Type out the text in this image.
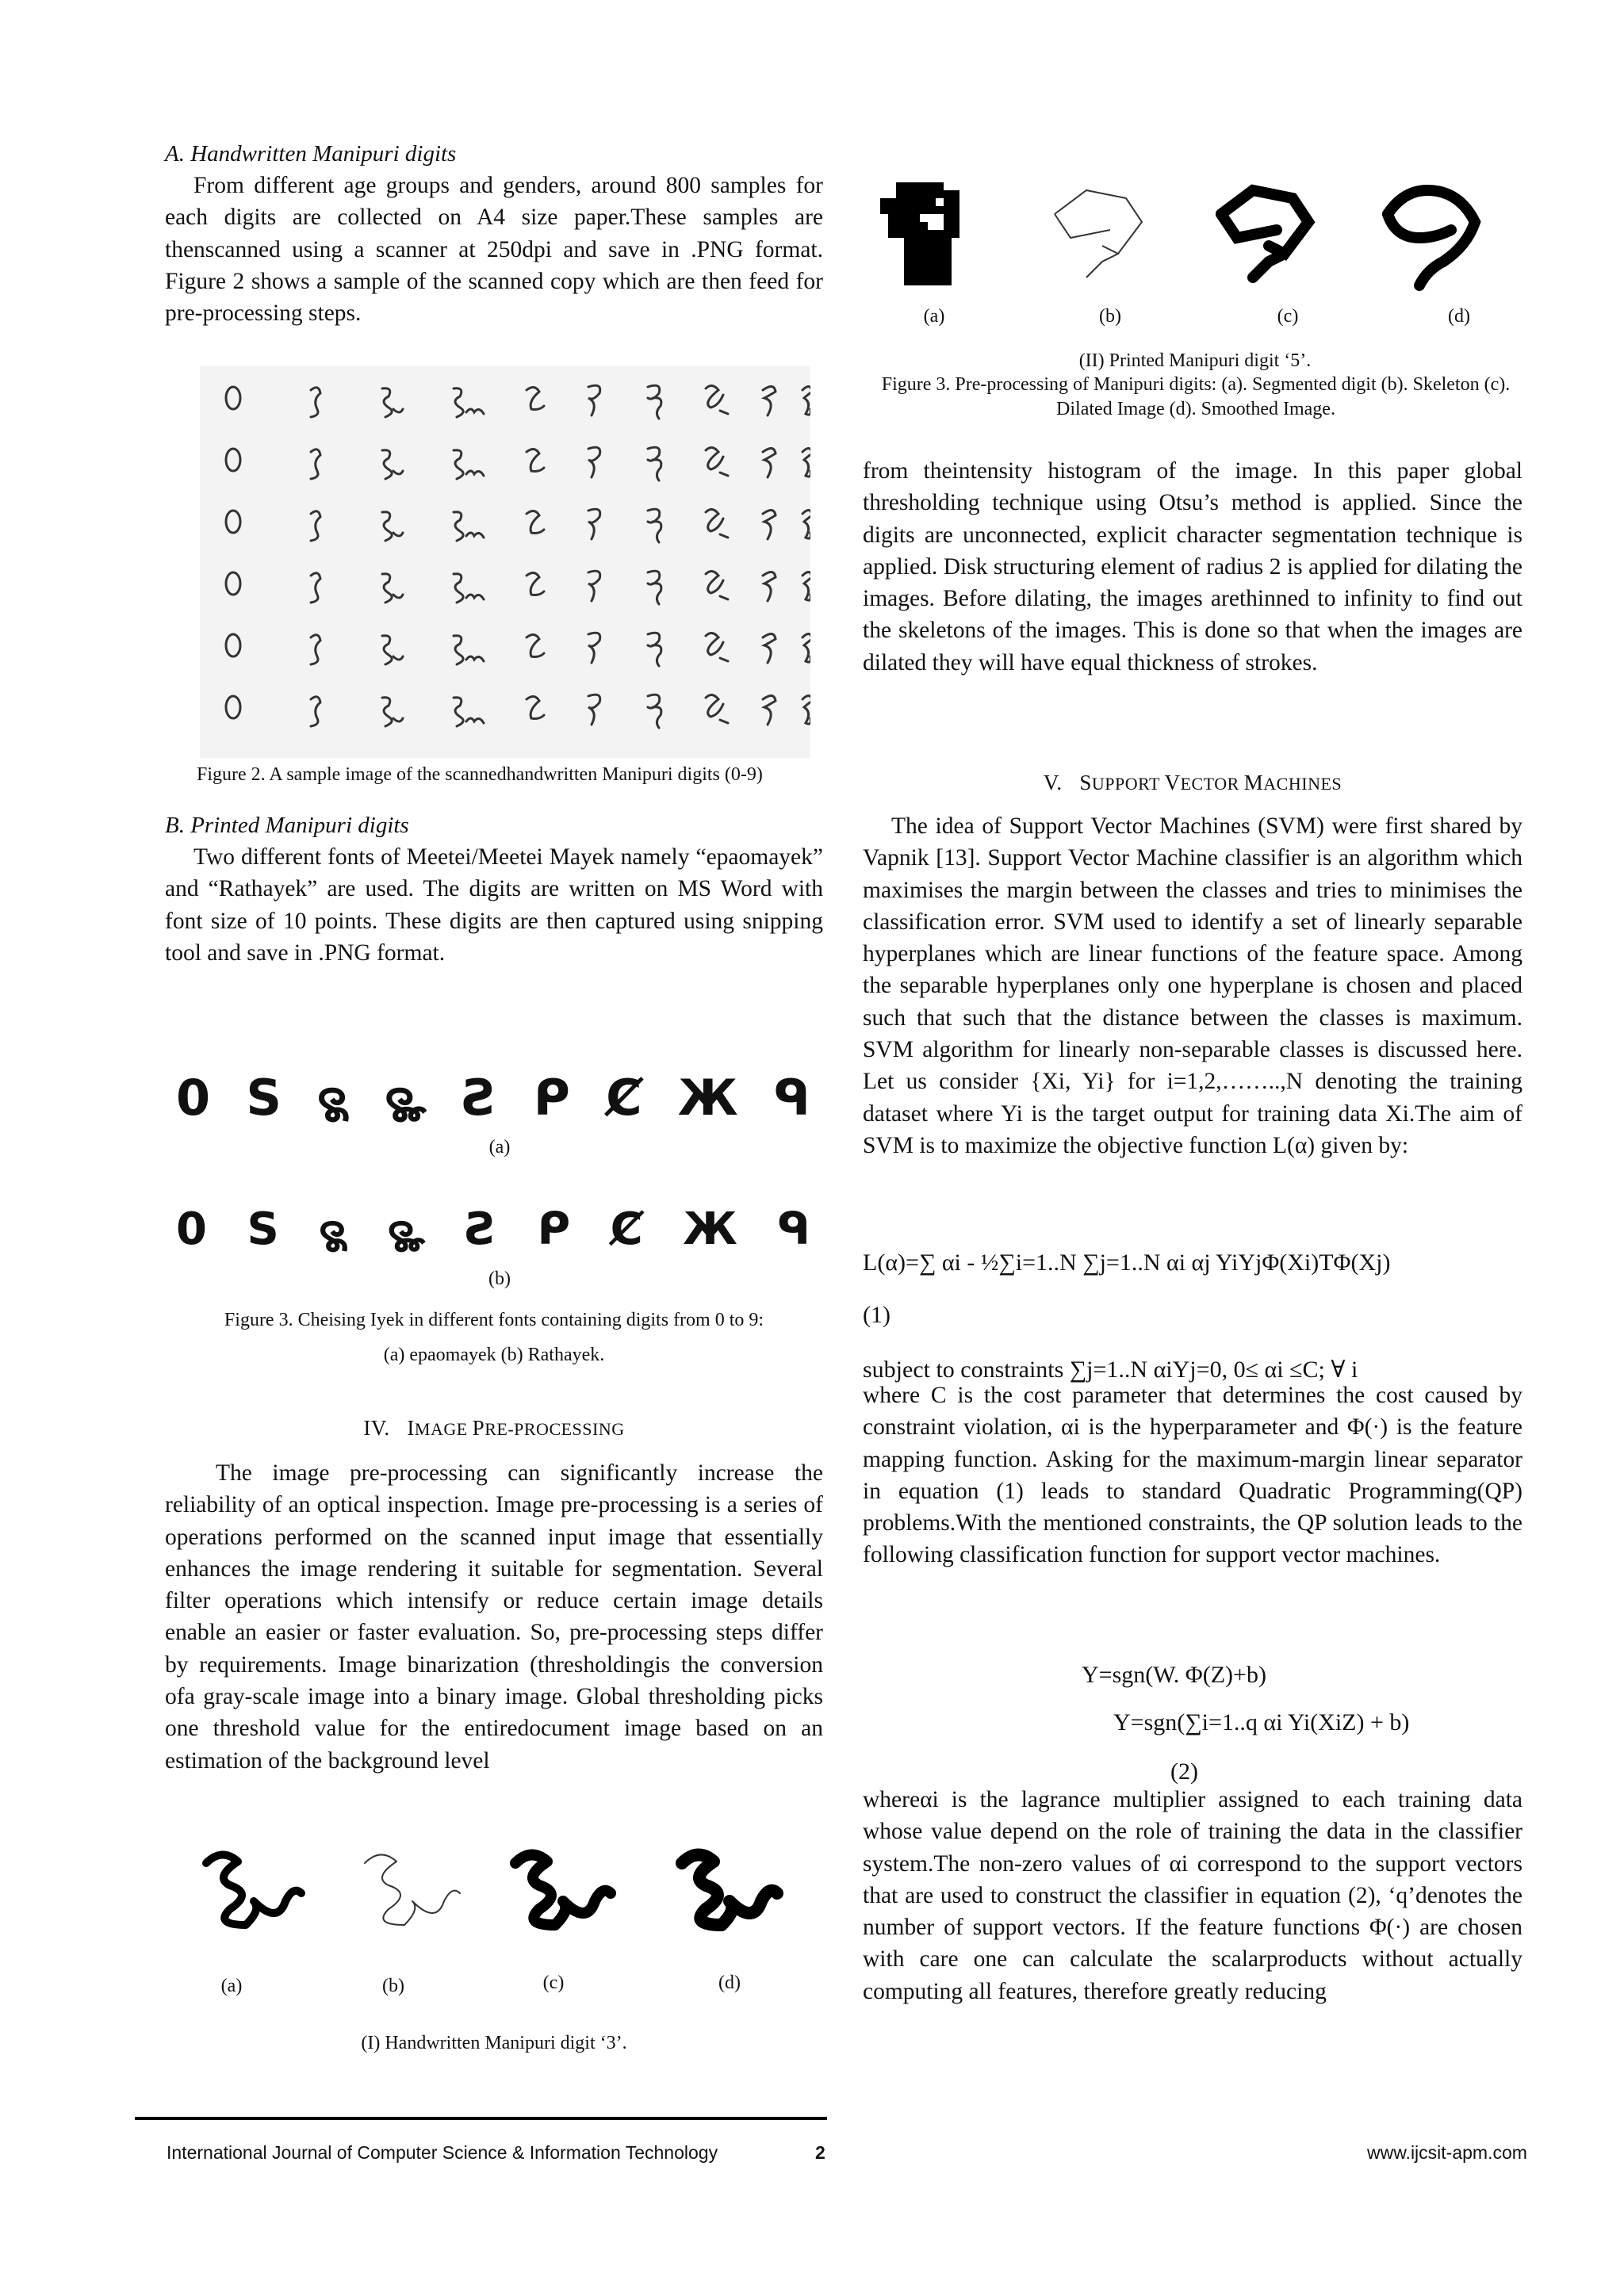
A. Handwritten Manipuri digits

From different age groups and genders, around 800 samples for each digits are collected on A4 size paper.These samples are thenscanned using a scanner at 250dpi and save in .PNG format. Figure 2 shows a sample of the scanned copy which are then feed for pre-processing steps.

Figure 2. A sample image of the scannedhandwritten Manipuri digits (0-9)

B. Printed Manipuri digits

Two different fonts of Meetei/Meetei Mayek namely “epaomayek” and “Rathayek” are used. The digits are written on MS Word with font size of 10 points. These digits are then captured using snipping tool and save in .PNG format.

0 S ꯲ ꯳ Ƨ ᑭ Ȼ Ж ᑫ

(a)

0 S ꯲ ꯳ Ƨ ᑭ Ȼ Ж ᑫ

(b)

Figure 3. Cheising Iyek in different fonts containing digits from 0 to 9:

(a) epaomayek (b) Rathayek.

IV. IMAGE PRE-PROCESSING

The image pre-processing can significantly increase the reliability of an optical inspection. Image pre-processing is a series of operations performed on the scanned input image that essentially enhances the image rendering it suitable for segmentation. Several filter operations which intensify or reduce certain image details enable an easier or faster evaluation. So, pre-processing steps differ by requirements. Image binarization (thresholdingis the conversion ofa gray-scale image into a binary image. Global thresholding picks one threshold value for the entiredocument image based on an estimation of the background level

(a)	(b)	(c)	(d)

(I) Handwritten Manipuri digit ‘3’.

(a)	(b)	(c)	(d)

(II) Printed Manipuri digit ‘5’.

Figure 3. Pre-processing of Manipuri digits: (a). Segmented digit (b). Skeleton (c). Dilated Image (d). Smoothed Image.

from theintensity histogram of the image. In this paper global thresholding technique using Otsu’s method is applied. Since the digits are unconnected, explicit character segmentation technique is applied. Disk structuring element of radius 2 is applied for dilating the images. Before dilating, the images arethinned to infinity to find out the skeletons of the images. This is done so that when the images are dilated they will have equal thickness of strokes.

V. SUPPORT VECTOR MACHINES

The idea of Support Vector Machines (SVM) were first shared by Vapnik [13]. Support Vector Machine classifier is an algorithm which maximises the margin between the classes and tries to minimises the classification error. SVM used to identify a set of linearly separable hyperplanes which are linear functions of the feature space. Among the separable hyperplanes only one hyperplane is chosen and placed such that such that the distance between the classes is maximum. SVM algorithm for linearly non-separable classes is discussed here. Let us consider {Xi, Yi} for i=1,2,……..,N denoting the training dataset where Yi is the target output for training data Xi.The aim of SVM is to maximize the objective function L(α) given by:

L(α)=∑ αi - ½∑i=1..N ∑j=1..N αi αj YiYjΦ(Xi)TΦ(Xj)

(1)

subject to constraints ∑j=1..N αiYj=0, 0≤ αi ≤C; ∀ i

where C is the cost parameter that determines the cost caused by constraint violation, αi is the hyperparameter and Φ(·) is the feature mapping function. Asking for the maximum-margin linear separator in equation (1) leads to standard Quadratic Programming(QP) problems.With the mentioned constraints, the QP solution leads to the following classification function for support vector machines.

Y=sgn(W. Φ(Z)+b)

Y=sgn(∑i=1..q αi Yi(XiZ) + b)

(2)

whereαi is the lagrance multiplier assigned to each training data whose value depend on the role of training the data in the classifier system.The non-zero values of αi correspond to the support vectors that are used to construct the classifier in equation (2), ‘q’denotes the number of support vectors. If the feature functions Φ(·) are chosen with care one can calculate the scalarproducts without actually computing all features, therefore greatly reducing

International Journal of Computer Science & Information Technology	2	www.ijcsit-apm.com
